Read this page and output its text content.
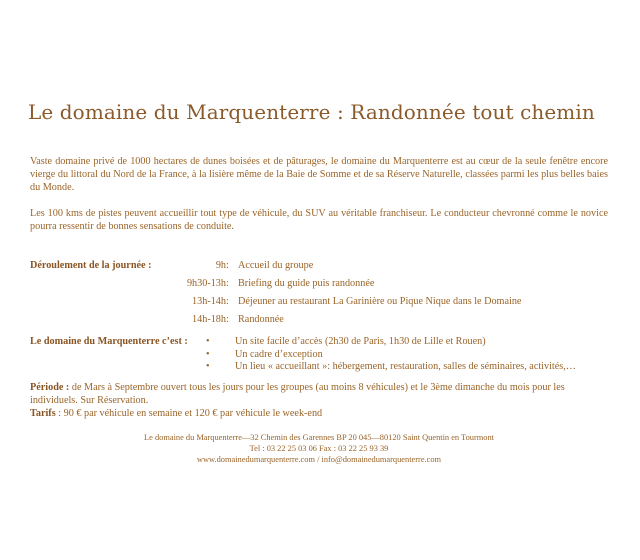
Le domaine du Marquenterre : Randonnée tout chemin

Vaste domaine privé de 1000 hectares de dunes boisées et de pâturages, le domaine du Marquenterre est au cœur de la seule fenêtre encore vierge du littoral du Nord de la France, à la lisière même de la Baie de Somme et de sa Réserve Naturelle, classées parmi les plus belles baies du Monde.

Les 100 kms de pistes peuvent accueillir tout type de véhicule, du SUV au véritable franchiseur. Le conducteur chevronné comme le novice pourra ressentir de bonnes sensations de conduite.

Déroulement de la journée :	9h : Accueil du groupe
9h30-13h : Briefing du guide puis randonnée
13h-14h : Déjeuner au restaurant La Garinière ou Pique Nique dans le Domaine
14h-18h : Randonnée
Le domaine du Marquenterre c’est : • Un site facile d’accès (2h30 de Paris, 1h30 de Lille et Rouen)
• Un cadre d’exception
• Un lieu « accueillant »: hébergement, restauration, salles de séminaires, activités,…
Période : de Mars à Septembre ouvert tous les jours pour les groupes (au moins 8 véhicules) et le 3ème dimanche du mois pour les individuels. Sur Réservation.
Tarifs : 90 € par véhicule en semaine et 120 € par véhicule le week-end
Le domaine du Marquenterre—32 Chemin des Garennes BP 20 045—80120 Saint Quentin en Tourmont
Tel : 03 22 25 03 06 Fax : 03 22 25 93 39
www.domainedumarquenterre.com / info@domainedumarquenterre.com
